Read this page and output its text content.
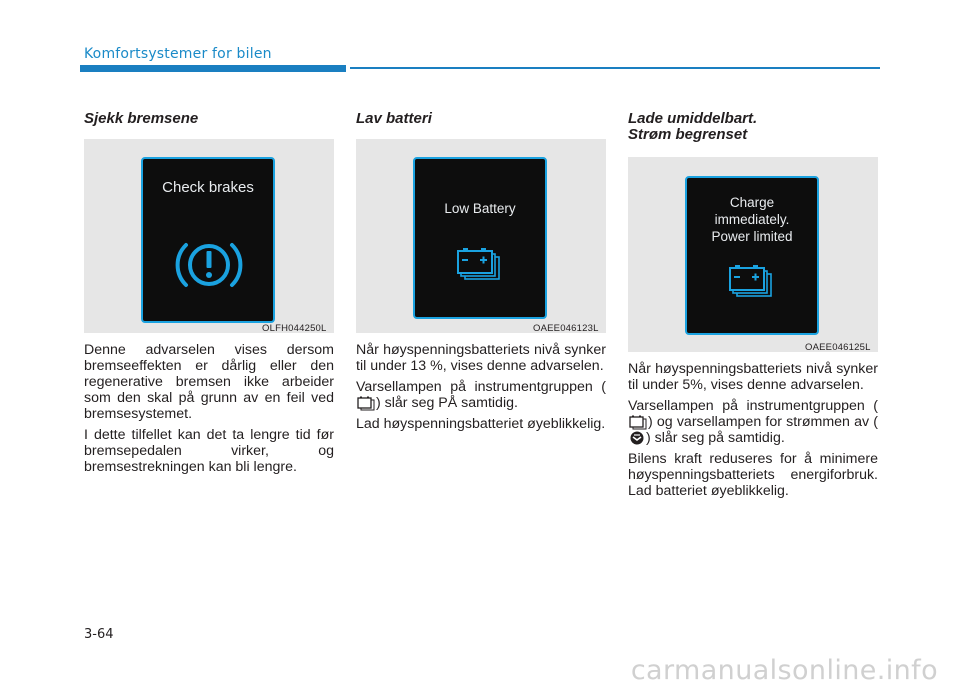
Komfortsystemer for bilen
Sjekk bremsene
Check brakes
OLFH044250L

Denne advarselen vises dersom bremseeffekten er dårlig eller den regenerative bremsen ikke arbeider som den skal på grunn av en feil ved bremsesystemet.

I dette tilfellet kan det ta lengre tid før bremsepedalen virker, og bremsestrekningen kan bli lengre.

Lav batteri
Low Battery
OAEE046123L

Når høyspenningsbatteriets nivå synker til under 13 %, vises denne advarselen.

Varsellampen på instrumentgruppen () slår seg PÅ samtidig.

Lad høyspenningsbatteriet øyeblikkelig.

Lade umiddelbart.
Strøm begrenset
Charge
immediately.
Power limited
OAEE046125L

Når høyspenningsbatteriets nivå synker til under 5%, vises denne advarselen.

Varsellampen på instrumentgruppen () og varsellampen for strømmen av () slår seg på samtidig.

Bilens kraft reduseres for å minimere høyspenningsbatteriets energiforbruk. Lad batteriet øyeblikkelig.

3-64
carmanualsonline.info
